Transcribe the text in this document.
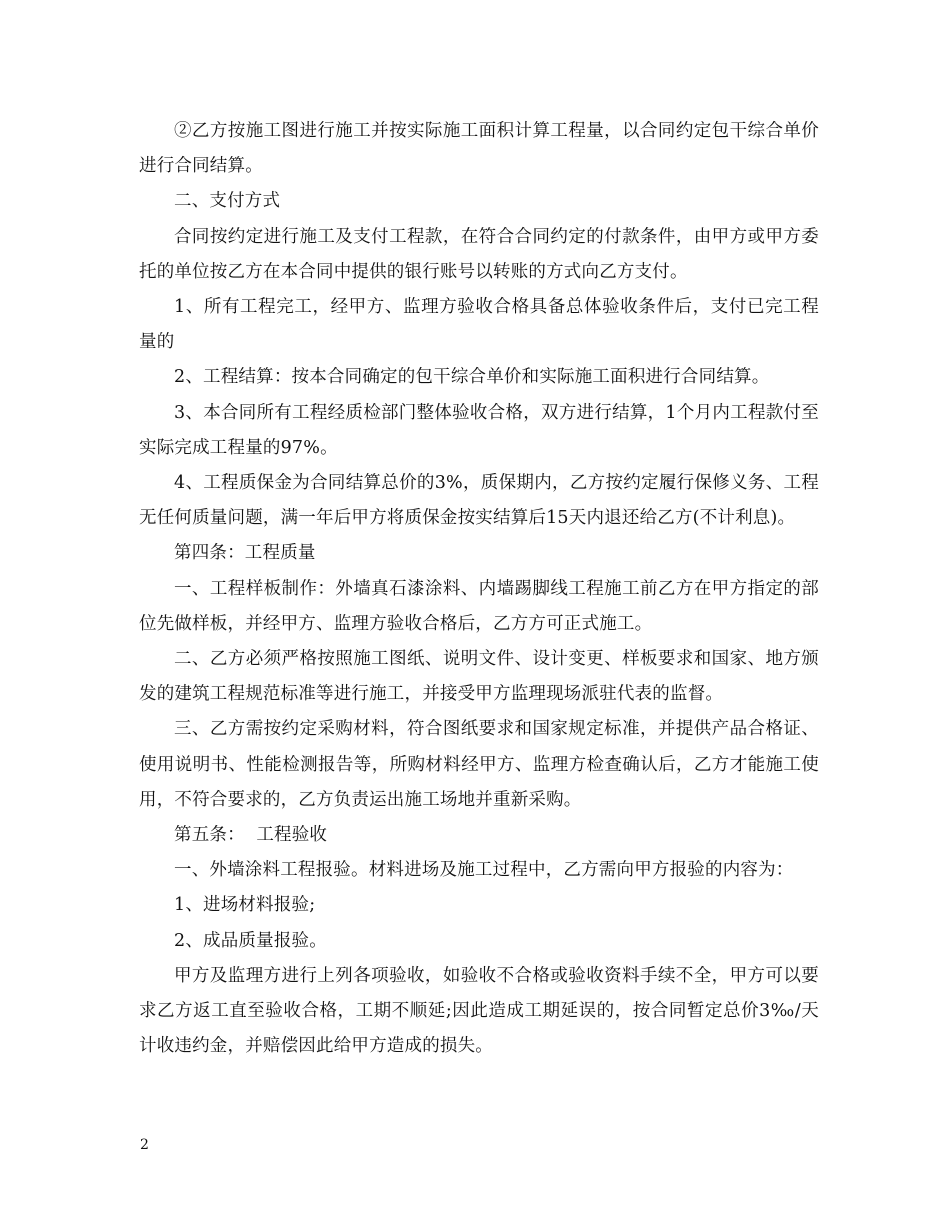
②乙方按施工图进行施工并按实际施工面积计算工程量，以合同约定包干综合单价进行合同结算。

二、支付方式

合同按约定进行施工及支付工程款，在符合合同约定的付款条件，由甲方或甲方委托的单位按乙方在本合同中提供的银行账号以转账的方式向乙方支付。

1、所有工程完工，经甲方、监理方验收合格具备总体验收条件后，支付已完工程量的

2、工程结算：按本合同确定的包干综合单价和实际施工面积进行合同结算。

3、本合同所有工程经质检部门整体验收合格，双方进行结算，1个月内工程款付至实际完成工程量的97%。

4、工程质保金为合同结算总价的3%，质保期内，乙方按约定履行保修义务、工程无任何质量问题，满一年后甲方将质保金按实结算后15天内退还给乙方(不计利息)。

第四条：工程质量

一、工程样板制作：外墙真石漆涂料、内墙踢脚线工程施工前乙方在甲方指定的部位先做样板，并经甲方、监理方验收合格后，乙方方可正式施工。

二、乙方必须严格按照施工图纸、说明文件、设计变更、样板要求和国家、地方颁发的建筑工程规范标准等进行施工，并接受甲方监理现场派驻代表的监督。

三、乙方需按约定采购材料，符合图纸要求和国家规定标准，并提供产品合格证、使用说明书、性能检测报告等，所购材料经甲方、监理方检查确认后，乙方才能施工使用，不符合要求的，乙方负责运出施工场地并重新采购。

第五条：  工程验收

一、外墙涂料工程报验。材料进场及施工过程中，乙方需向甲方报验的内容为：

1、进场材料报验;

2、成品质量报验。

甲方及监理方进行上列各项验收，如验收不合格或验收资料手续不全，甲方可以要求乙方返工直至验收合格，工期不顺延;因此造成工期延误的，按合同暂定总价3‰/天计收违约金，并赔偿因此给甲方造成的损失。

2
